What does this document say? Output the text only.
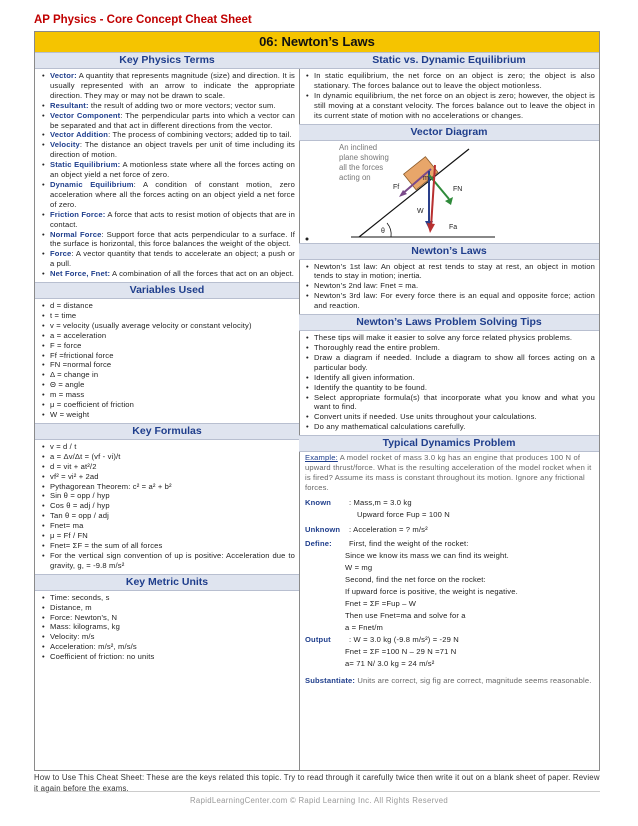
AP Physics - Core Concept Cheat Sheet
06: Newton’s Laws
Key Physics Terms
• Vector: A quantity that represents magnitude (size) and direction. It is usually represented with an arrow to indicate the appropriate direction. They may or may not be drawn to scale.
• Resultant: the result of adding two or more vectors; vector sum.
• Vector Component: The perpendicular parts into which a vector can be separated and that act in different directions from the vector.
• Vector Addition: The process of combining vectors; added tip to tail.
• Velocity: The distance an object travels per unit of time including its direction of motion.
• Static Equilibrium: A motionless state where all the forces acting on an object yield a net force of zero.
• Dynamic Equilibrium: A condition of constant motion, zero acceleration where all the forces acting on an object yield a net force of zero.
• Friction Force: A force that acts to resist motion of objects that are in contact.
• Normal Force: Support force that acts perpendicular to a surface. If the surface is horizontal, this force balances the weight of the object.
• Force: A vector quantity that tends to accelerate an object; a push or a pull.
• Net Force, Fnet: A combination of all the forces that act on an object.
Variables Used
• d = distance
• t = time
• v = velocity (usually average velocity or constant velocity)
• a = acceleration
• F = force
• Ff =frictional force
• FN =normal force
• Δ = change in
• Θ = angle
• m = mass
• μ = coefficient of friction
• W = weight
Key Formulas
• v = d / t
• a = Δv/Δt = (vf - vi)/t
• d = vit + at²/2
• vf² = vi² + 2ad
• Pythagorean Theorem: c² = a² + b²
• Sin θ = opp / hyp
• Cos θ = adj / hyp
• Tan θ = opp / adj
• Fnet= ma
• μ = Ff / FN
• Fnet= ΣF = the sum of all forces
• For the vertical sign convention of up is positive: Acceleration due to gravity, g, = -9.8 m/s²
Key Metric Units
• Time: seconds, s
• Distance, m
• Force: Newton’s, N
• Mass: kilograms, kg
• Velocity: m/s
• Acceleration: m/s², m/s/s
• Coefficient of friction: no units
Static vs. Dynamic Equilibrium
• In static equilibrium, the net force on an object is zero; the object is also stationary. The forces balance out to leave the object motionless.
• In dynamic equilibrium, the net force on an object is zero; however, the object is still moving at a constant velocity. The forces balance out to leave the object in its current state of motion with no accelerations or changes.
Vector Diagram
An inclined plane showing all the forces acting on	m
Ff	FN
W
Fa
θ
Newton’s Laws
• Newton’s 1st law: An object at rest tends to stay at rest, an object in motion tends to stay in motion; inertia.
• Newton’s 2nd law: Fnet = ma.
• Newton’s 3rd law: For every force there is an equal and opposite force; action and reaction.
Newton’s Laws Problem Solving Tips
• These tips will make it easier to solve any force related physics problems.
• Thoroughly read the entire problem.
• Draw a diagram if needed. Include a diagram to show all forces acting on a particular body.
• Identify all given information.
• Identify the quantity to be found.
• Select appropriate formula(s) that incorporate what you know and what you want to find.
• Convert units if needed. Use units throughout your calculations.
• Do any mathematical calculations carefully.
Typical Dynamics Problem
Example: A model rocket of mass 3.0 kg has an engine that produces 100 N of upward thrust/force. What is the resulting acceleration of the model rocket when it is fired? Assume its mass is constant throughout its motion. Ignore any frictional forces.
Known : Mass,m = 3.0 kg
Upward force Fup = 100 N
Unknown : Acceleration = ? m/s²
Define: First, find the weight of the rocket:
Since we know its mass we can find its weight.
W = mg
Second, find the net force on the rocket:
If upward force is positive, the weight is negative.
Fnet = ΣF =Fup – W
Then use Fnet=ma and solve for a
a = Fnet/m
Output : W = 3.0 kg (-9.8 m/s²) = -29 N
Fnet = ΣF =100 N – 29 N =71 N
a= 71 N/ 3.0 kg = 24 m/s²
Substantiate: Units are correct, sig fig are correct, magnitude seems reasonable.
How to Use This Cheat Sheet: These are the keys related this topic. Try to read through it carefully twice then write it out on a blank sheet of paper. Review it again before the exams.
RapidLearningCenter.com © Rapid Learning Inc. All Rights Reserved
